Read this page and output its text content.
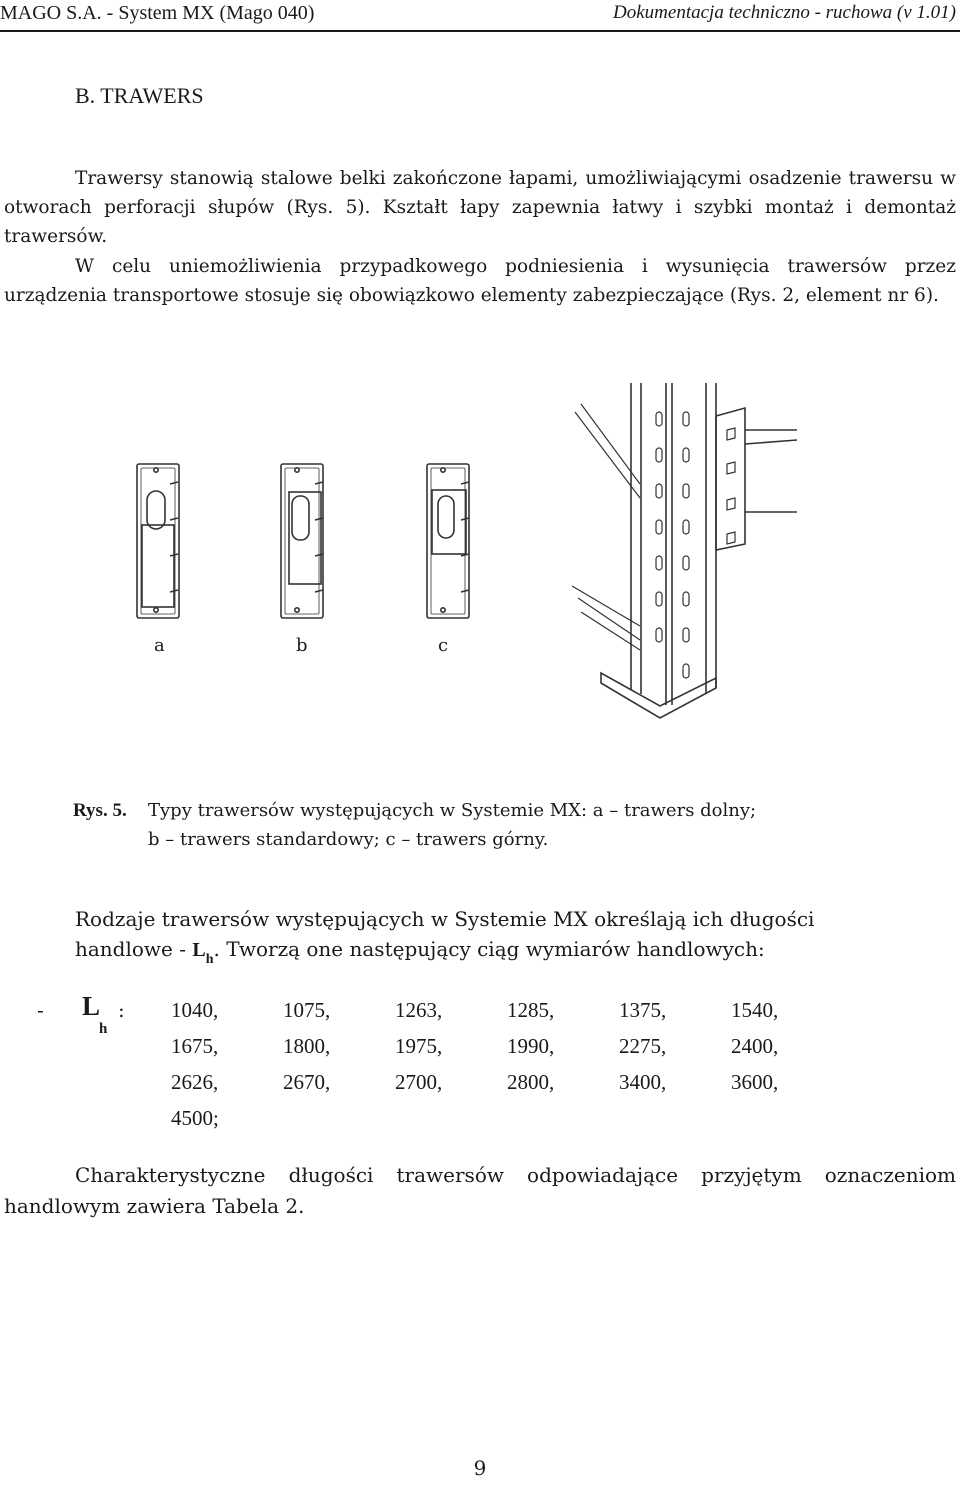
MAGO S.A. - System MX (Mago 040)	Dokumentacja techniczno - ruchowa (v 1.01)
B. TRAWERS

Trawersy stanowią stalowe belki zakończone łapami, umożliwiającymi osadzenie trawersu w otworach perforacji słupów (Rys. 5). Kształt łapy zapewnia łatwy i szybki montaż i demontaż trawersów.

W celu uniemożliwienia przypadkowego podniesienia i wysunięcia trawersów przez urządzenia transportowe stosuje się obowiązkowo elementy zabezpieczające (Rys. 2, element nr 6).

a	b	c
Rys. 5. Typy trawersów występujących w Systemie MX: a – trawers dolny;
b – trawers standardowy; c – trawers górny.
Rodzaje trawersów występujących w Systemie MX określają ich długości
handlowe - $L_h$. Tworzą one następujący ciąg wymiarów handlowych:
- L
h
: 1040,	1075,	1263,	1285,	1375,	1540,
1675,	1800,	1975,	1990,	2275,	2400,
2626,	2670,	2700,	2800,	3400,	3600,
4500;

Charakterystyczne długości trawersów odpowiadające przyjętym oznaczeniom handlowym zawiera Tabela 2.

9
